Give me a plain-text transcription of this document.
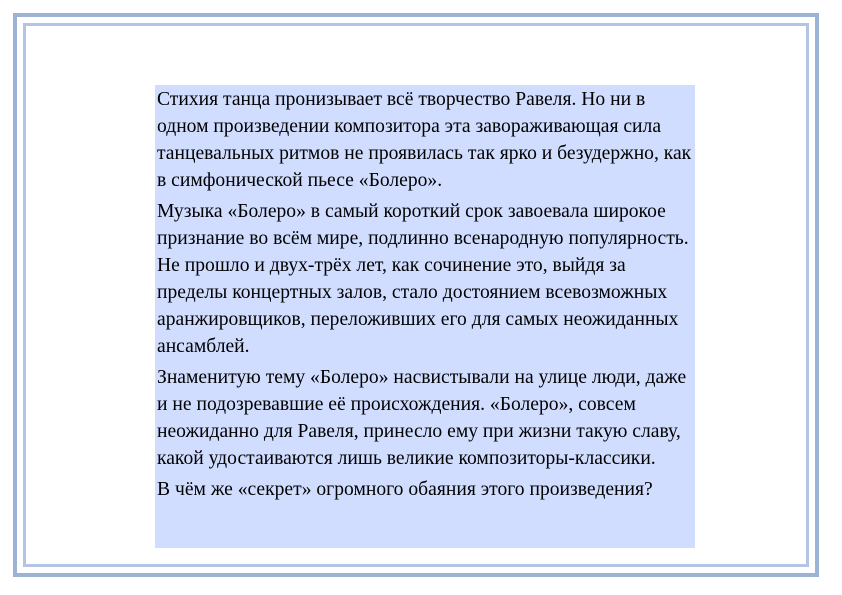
Стихия танца пронизывает всё творчество Равеля. Но ни в одном произведении композитора эта завораживающая сила танцевальных ритмов не проявилась так ярко и безудержно, как в симфонической пьесе «Болеро».

Музыка «Болеро» в самый короткий срок завоевала широкое признание во всём мире, подлинно всенародную популярность. Не прошло и двух-трёх лет, как сочинение это, выйдя за пределы концертных залов, стало достоянием всевозможных аранжировщиков, переложивших его для самых неожиданных ансамблей.

Знаменитую тему «Болеро» насвистывали на улице люди, даже и не подозревавшие её происхождения. «Болеро», совсем неожиданно для Равеля, принесло ему при жизни такую славу, какой удостаиваются лишь великие композиторы-классики.

В чём же «секрет» огромного обаяния этого произведения?
